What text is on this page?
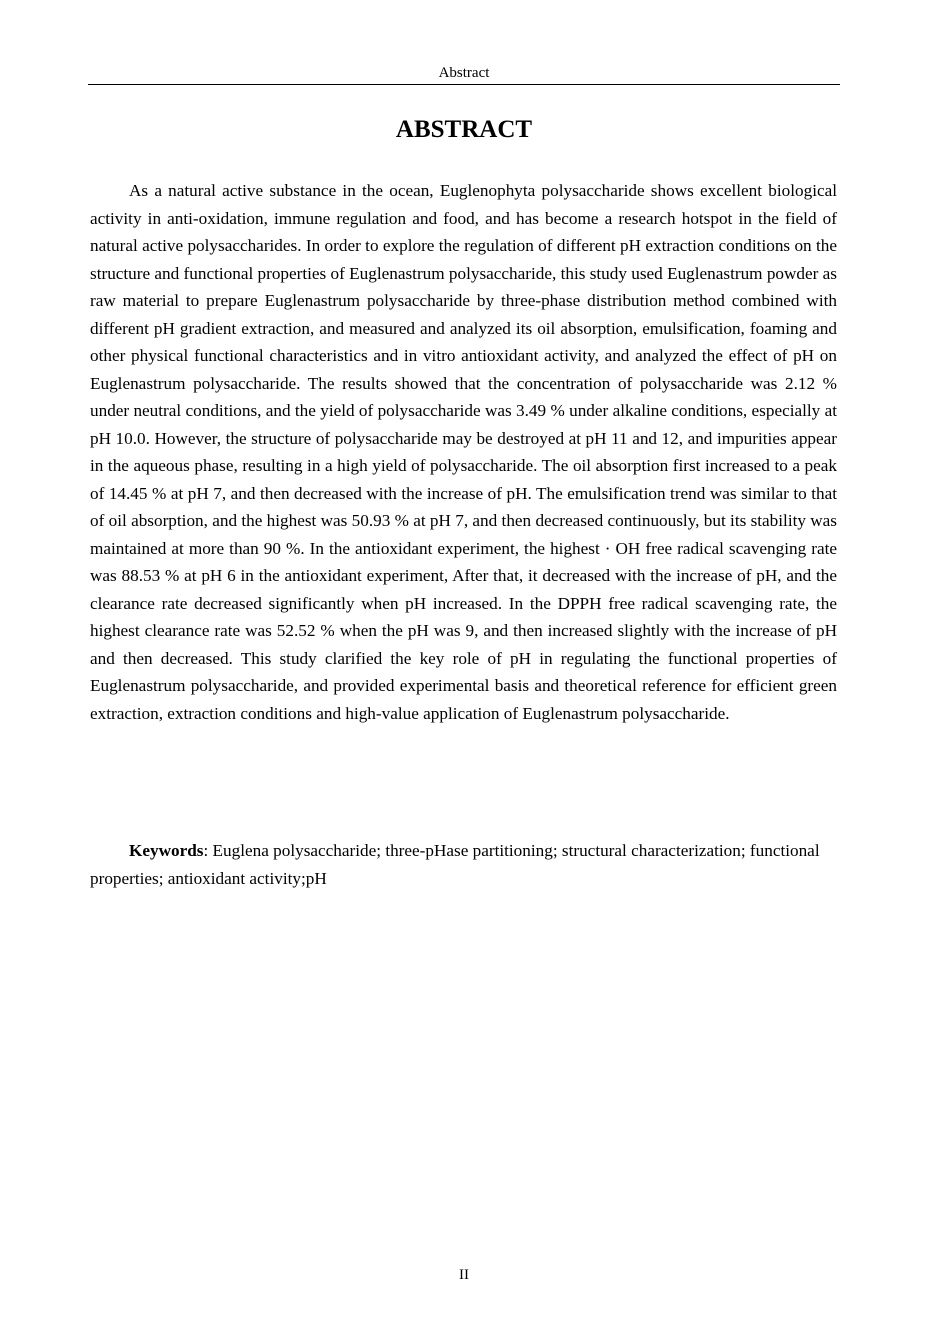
Abstract
ABSTRACT

As a natural active substance in the ocean, Euglenophyta polysaccharide shows excellent biological activity in anti-oxidation, immune regulation and food, and has become a research hotspot in the field of natural active polysaccharides. In order to explore the regulation of different pH extraction conditions on the structure and functional properties of Euglenastrum polysaccharide, this study used Euglenastrum powder as raw material to prepare Euglenastrum polysaccharide by three-phase distribution method combined with different pH gradient extraction, and measured and analyzed its oil absorption, emulsification, foaming and other physical functional characteristics and in vitro antioxidant activity, and analyzed the effect of pH on Euglenastrum polysaccharide. The results showed that the concentration of polysaccharide was 2.12 % under neutral conditions, and the yield of polysaccharide was 3.49 % under alkaline conditions, especially at pH 10.0. However, the structure of polysaccharide may be destroyed at pH 11 and 12, and impurities appear in the aqueous phase, resulting in a high yield of polysaccharide. The oil absorption first increased to a peak of 14.45 % at pH 7, and then decreased with the increase of pH. The emulsification trend was similar to that of oil absorption, and the highest was 50.93 % at pH 7, and then decreased continuously, but its stability was maintained at more than 90 %. In the antioxidant experiment, the highest · OH free radical scavenging rate was 88.53 % at pH 6 in the antioxidant experiment, After that, it decreased with the increase of pH, and the clearance rate decreased significantly when pH increased. In the DPPH free radical scavenging rate, the highest clearance rate was 52.52 % when the pH was 9, and then increased slightly with the increase of pH and then decreased. This study clarified the key role of pH in regulating the functional properties of Euglenastrum polysaccharide, and provided experimental basis and theoretical reference for efficient green extraction, extraction conditions and high-value application of Euglenastrum polysaccharide.

Keywords: Euglena polysaccharide; three-pHase partitioning; structural characterization; functional properties; antioxidant activity;pH

II
